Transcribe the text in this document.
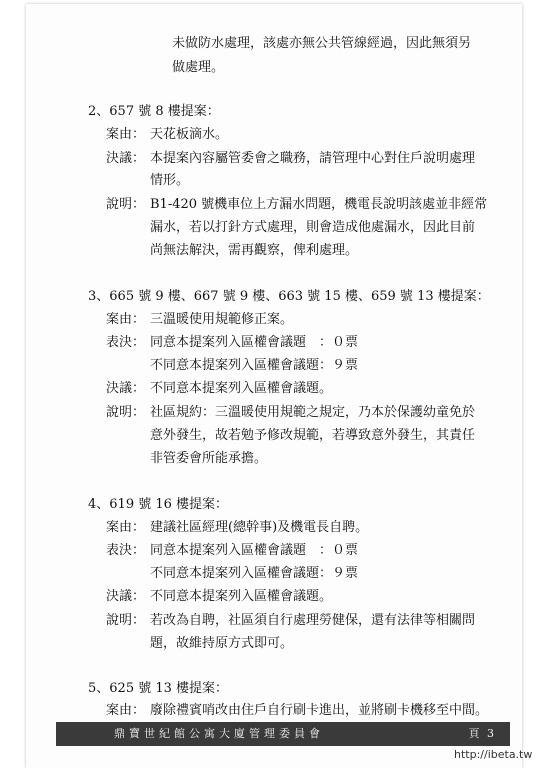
未做防水處理，該處亦無公共管線經過，因此無須另
做處理。
2、657 號 8 樓提案：
案由： 天花板滴水。
決議： 本提案內容屬管委會之職務，請管理中心對住戶說明處理
情形。
說明： B1-420 號機車位上方漏水問題，機電長說明該處並非經常
漏水，若以打針方式處理，則會造成他處漏水，因此目前
尚無法解決，需再觀察，俾利處理。
3、665 號 9 樓、667 號 9 樓、663 號 15 樓、659 號 13 樓提案：
案由： 三溫暖使用規範修正案。
表決： 同意本提案列入區權會議題　：０票
不同意本提案列入區權會議題：９票
決議： 不同意本提案列入區權會議題。
說明： 社區規約：三溫暖使用規範之規定，乃本於保護幼童免於
意外發生，故若勉予修改規範，若導致意外發生，其責任
非管委會所能承擔。
4、619 號 16 樓提案：
案由： 建議社區經理(總幹事)及機電長自聘。
表決： 同意本提案列入區權會議題　：０票
不同意本提案列入區權會議題：９票
決議： 不同意本提案列入區權會議題。
說明： 若改為自聘，社區須自行處理勞健保，還有法律等相關問
題，故維持原方式即可。
5、625 號 13 樓提案：
案由： 廢除禮賓哨改由住戶自行刷卡進出，並將刷卡機移至中間。
鼎寶世紀館公寓大廈管理委員會	頁 3
http://ibeta.tw
